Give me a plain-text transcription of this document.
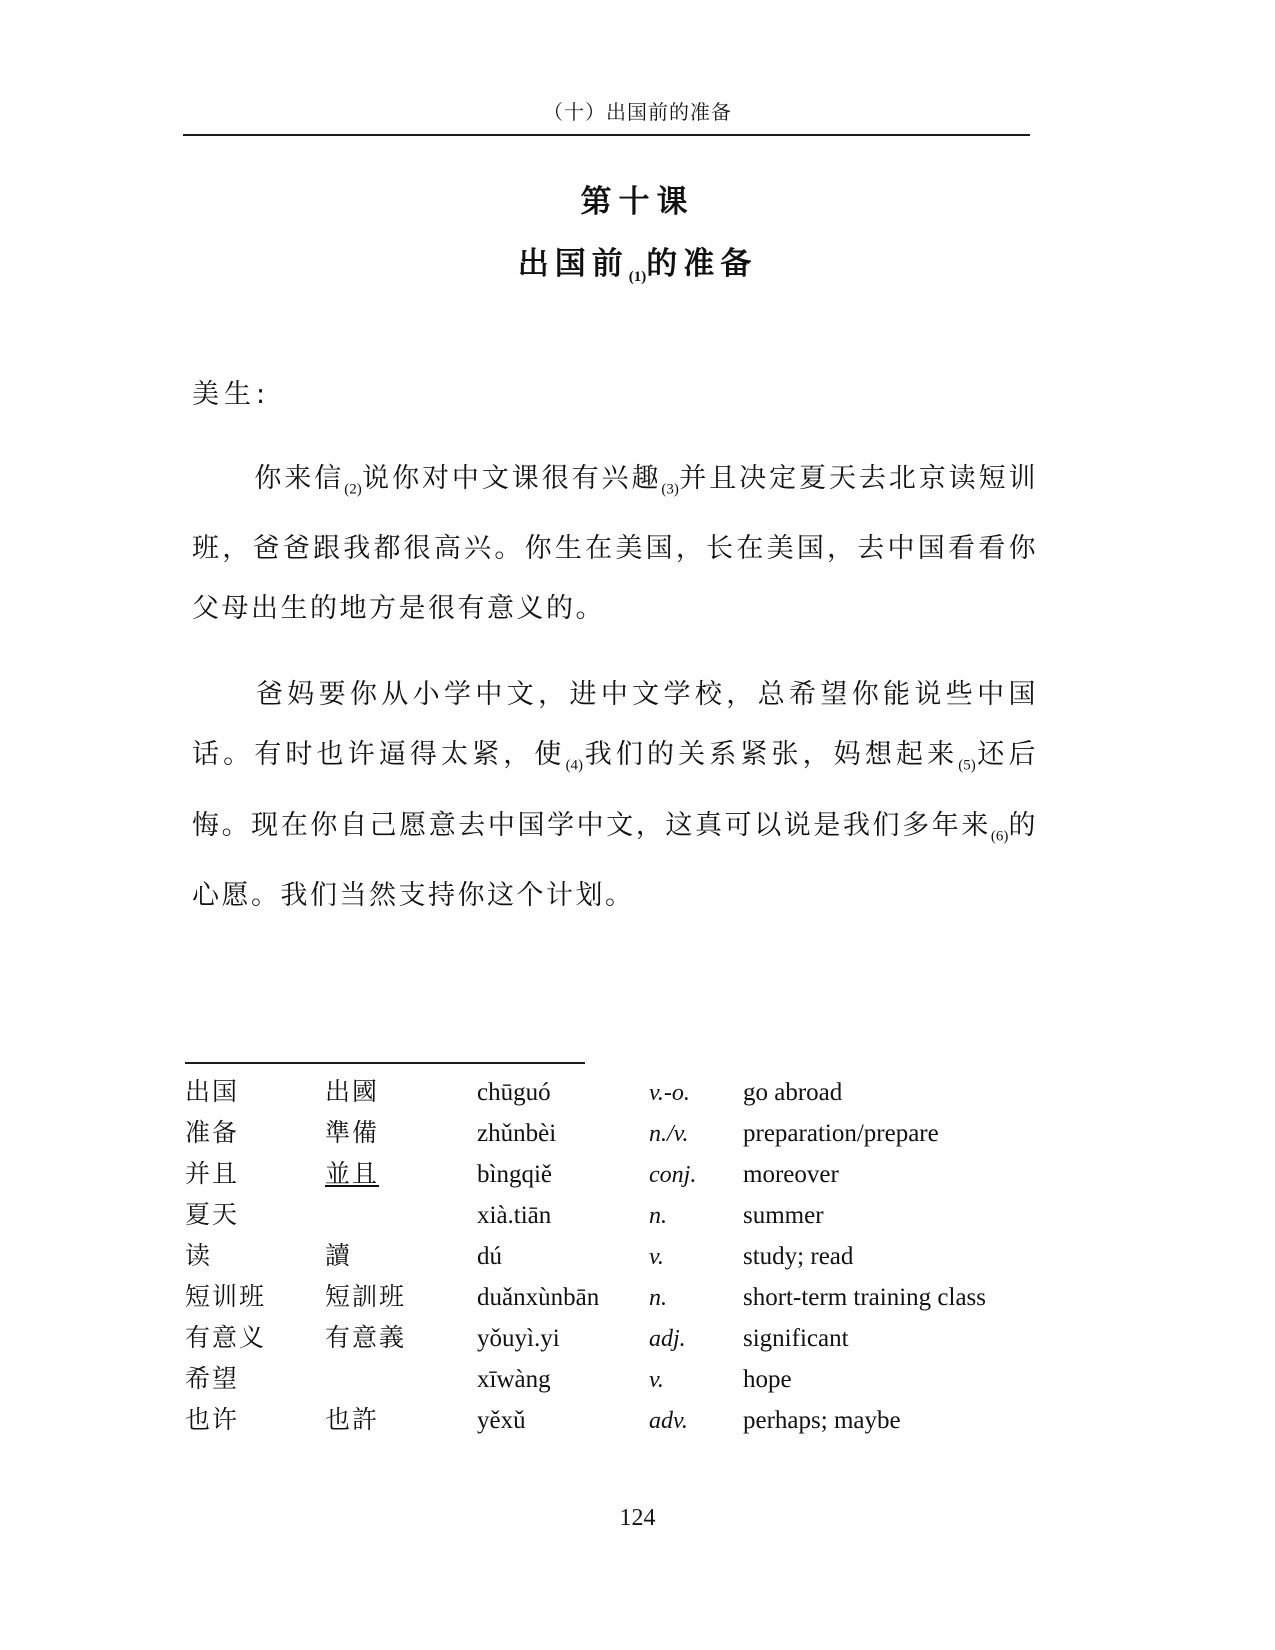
（十）出国前的准备
第十课
出国前$_{(1)}$的准备
美生:

你来信$_{(2)}$说你对中文课很有兴趣$_{(3)}$并且决定夏天去北京读短训班，爸爸跟我都很高兴。你生在美国，长在美国，去中国看看你父母出生的地方是很有意义的。

爸妈要你从小学中文，进中文学校，总希望你能说些中国话。有时也许逼得太紧，使$_{(4)}$我们的关系紧张，妈想起来$_{(5)}$还后悔。现在你自己愿意去中国学中文，这真可以说是我们多年来$_{(6)}$的心愿。我们当然支持你这个计划。

出国	出國	chūguó	v.-o.	go abroad
准备	準備	zhǔnbèi	n./v.	preparation/prepare
并且	並且	bìngqiě	conj.	moreover
夏天		xià.tiān	n.	summer
读	讀	dú	v.	study; read
短训班	短訓班	duǎnxùnbān	n.	short-term training class
有意义	有意義	yǒuyì.yi	adj.	significant
希望		xīwàng	v.	hope
也许	也許	yěxǔ	adv.	perhaps; maybe
124
